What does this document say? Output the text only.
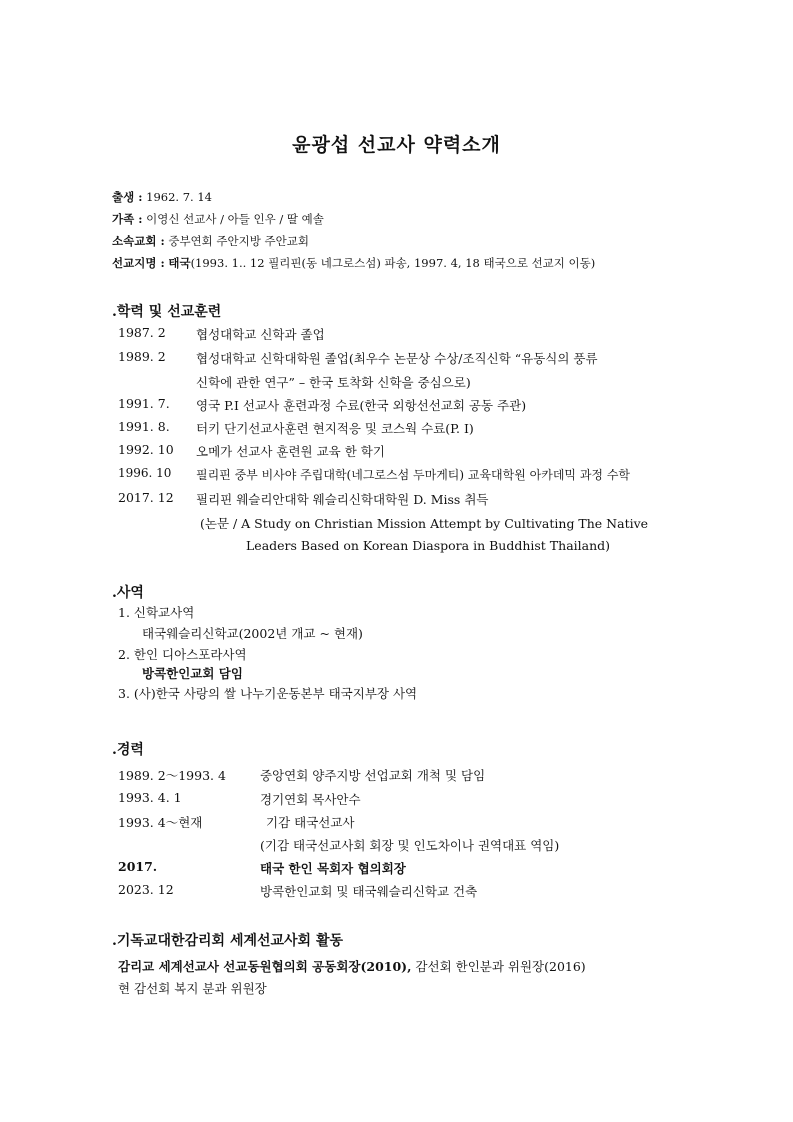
윤광섭 선교사 약력소개
출생 : 1962. 7. 14
가족 : 이영신 선교사 / 아들 인우 / 딸 예솔
소속교회 : 중부연회 주안지방 주안교회
선교지명 : 태국(1993. 1.. 12 필리핀(동 네그로스섬) 파송, 1997. 4, 18 태국으로 선교지 이동)
.학력 및 선교훈련
1987. 2 협성대학교 신학과 졸업
1989. 2 협성대학교 신학대학원 졸업(최우수 논문상 수상/조직신학 “유동식의 풍류
신학에 관한 연구” – 한국 토착화 신학을 중심으로)
1991. 7. 영국 P.I 선교사 훈련과정 수료(한국 외항선선교회 공동 주관)
1991. 8. 터키 단기선교사훈련 현지적응 및 코스웍 수료(P. I)
1992. 10 오메가 선교사 훈련원 교육 한 학기
1996. 10 필리핀 중부 비사야 주립대학(네그로스섬 두마게티) 교육대학원 아카데믹 과정 수학
2017. 12 필리핀 웨슬리안대학 웨슬리신학대학원 D. Miss 취득
(논문 / A Study on Christian Mission Attempt by Cultivating The Native
Leaders Based on Korean Diaspora in Buddhist Thailand)
.사역
1. 신학교사역
태국웨슬리신학교(2002년 개교 ~ 현재)
2. 한인 디아스포라사역
방콕한인교회 담임
3. (사)한국 사랑의 쌀 나누기운동본부 태국지부장 사역
.경력
1989. 2～1993. 4	중앙연회 양주지방 선업교회 개척 및 담임
1993. 4. 1	경기연회 목사안수
1993. 4～현재	기감 태국선교사
(기감 태국선교사회 회장 및 인도차이나 권역대표 역임)
2017.	태국 한인 목회자 협의회장
2023. 12	방콕한인교회 및 태국웨슬리신학교 건축
.기독교대한감리회 세계선교사회 활동
감리교 세계선교사 선교동원협의회 공동회장(2010), 감선회 한인분과 위원장(2016)
현 감선회 복지 분과 위원장
